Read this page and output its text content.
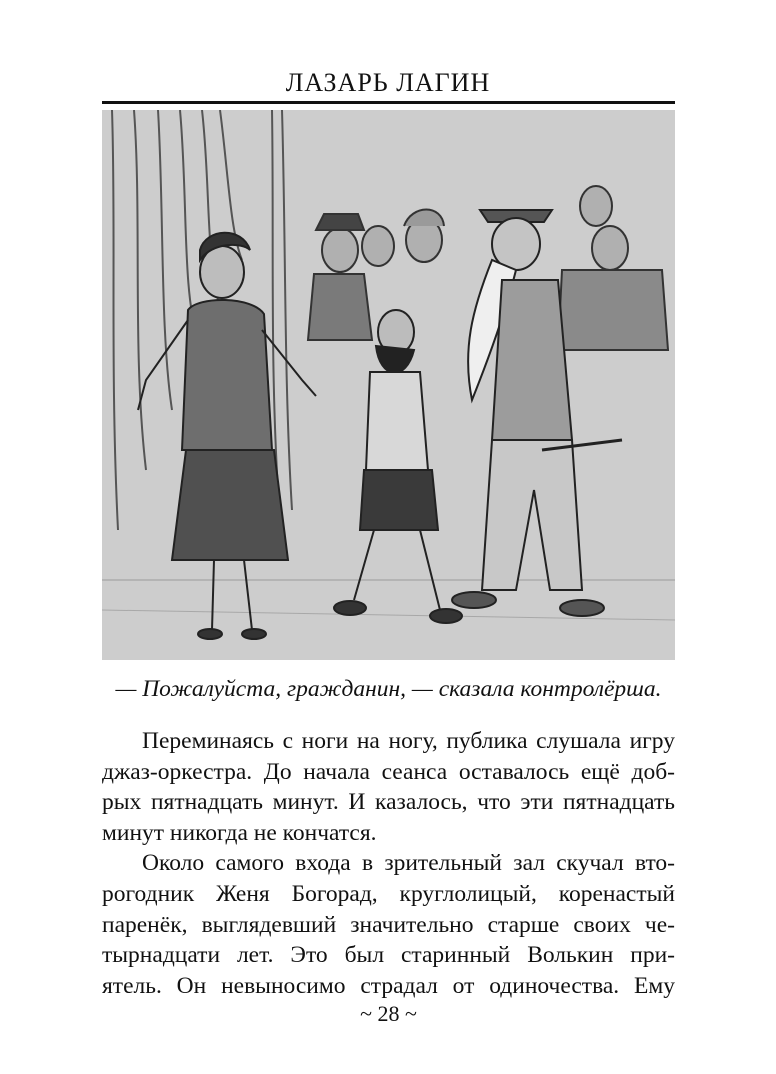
ЛАЗАРЬ ЛАГИН
— Пожалуйста, гражданин, — сказала контролёрша.

Переминаясь с ноги на ногу, публика слушала игру
джаз-оркестра. До начала сеанса оставалось ещё доб-
рых пятнадцать минут. И казалось, что эти пятнадцать
минут никогда не кончатся.

Около самого входа в зрительный зал скучал вто-
рогодник Женя Богорад, круглолицый, коренастый
паренёк, выглядевший значительно старше своих че-
тырнадцати лет. Это был старинный Волькин при-
ятель. Он невыносимо страдал от одиночества. Ему

~ 28 ~
